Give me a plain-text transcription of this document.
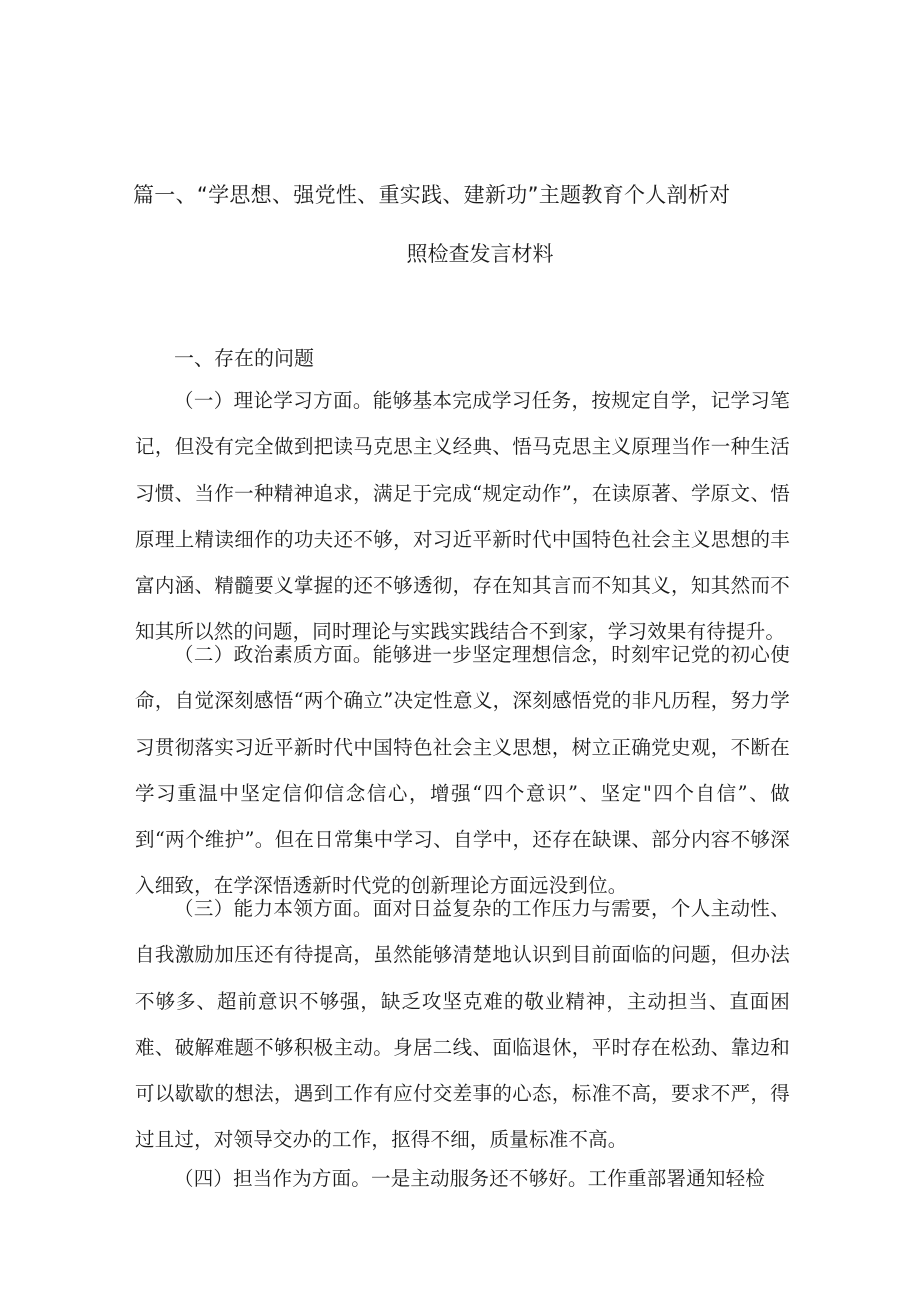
篇一、“学思想、强党性、重实践、建新功”主题教育个人剖析对
照检查发言材料
一、存在的问题

（一）理论学习方面。能够基本完成学习任务，按规定自学，记学习笔记，但没有完全做到把读马克思主义经典、悟马克思主义原理当作一种生活习惯、当作一种精神追求，满足于完成“规定动作”，在读原著、学原文、悟原理上精读细作的功夫还不够，对习近平新时代中国特色社会主义思想的丰富内涵、精髓要义掌握的还不够透彻，存在知其言而不知其义，知其然而不知其所以然的问题，同时理论与实践实践结合不到家，学习效果有待提升。

（二）政治素质方面。能够进一步坚定理想信念，时刻牢记党的初心使命，自觉深刻感悟“两个确立”决定性意义，深刻感悟党的非凡历程，努力学习贯彻落实习近平新时代中国特色社会主义思想，树立正确党史观，不断在学习重温中坚定信仰信念信心，增强“四个意识”、坚定"四个自信”、做到“两个维护”。但在日常集中学习、自学中，还存在缺课、部分内容不够深入细致，在学深悟透新时代党的创新理论方面远没到位。

（三）能力本领方面。面对日益复杂的工作压力与需要，个人主动性、自我激励加压还有待提高，虽然能够清楚地认识到目前面临的问题，但办法不够多、超前意识不够强，缺乏攻坚克难的敬业精神，主动担当、直面困难、破解难题不够积极主动。身居二线、面临退休，平时存在松劲、靠边和可以歇歇的想法，遇到工作有应付交差事的心态，标准不高，要求不严，得过且过，对领导交办的工作，抠得不细，质量标准不高。

（四）担当作为方面。一是主动服务还不够好。工作重部署通知轻检
